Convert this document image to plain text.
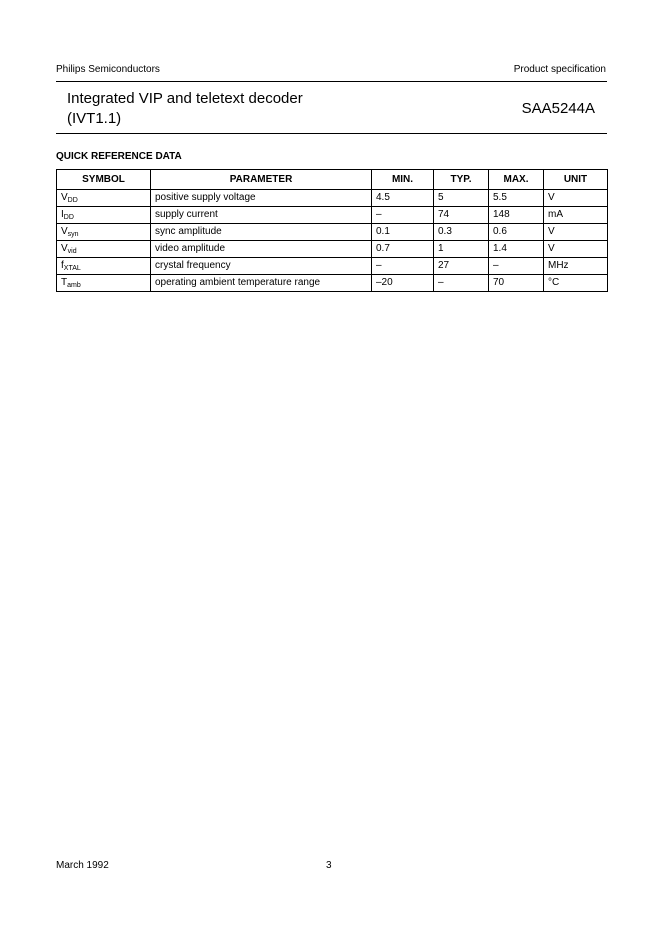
Philips Semiconductors	Product specification
Integrated VIP and teletext decoder
(IVT1.1)
SAA5244A
QUICK REFERENCE DATA
SYMBOL	PARAMETER	MIN.	TYP.	MAX.	UNIT
$V_{DD}$	positive supply voltage	4.5	5	5.5	V
$I_{DD}$	supply current	–	74	148	mA
$V_{syn}$	sync amplitude	0.1	0.3	0.6	V
$V_{vid}$	video amplitude	0.7	1	1.4	V
$f_{XTAL}$	crystal frequency	–	27	–	MHz
$T_{amb}$	operating ambient temperature range	–20	–	70	°C
March 1992	3
